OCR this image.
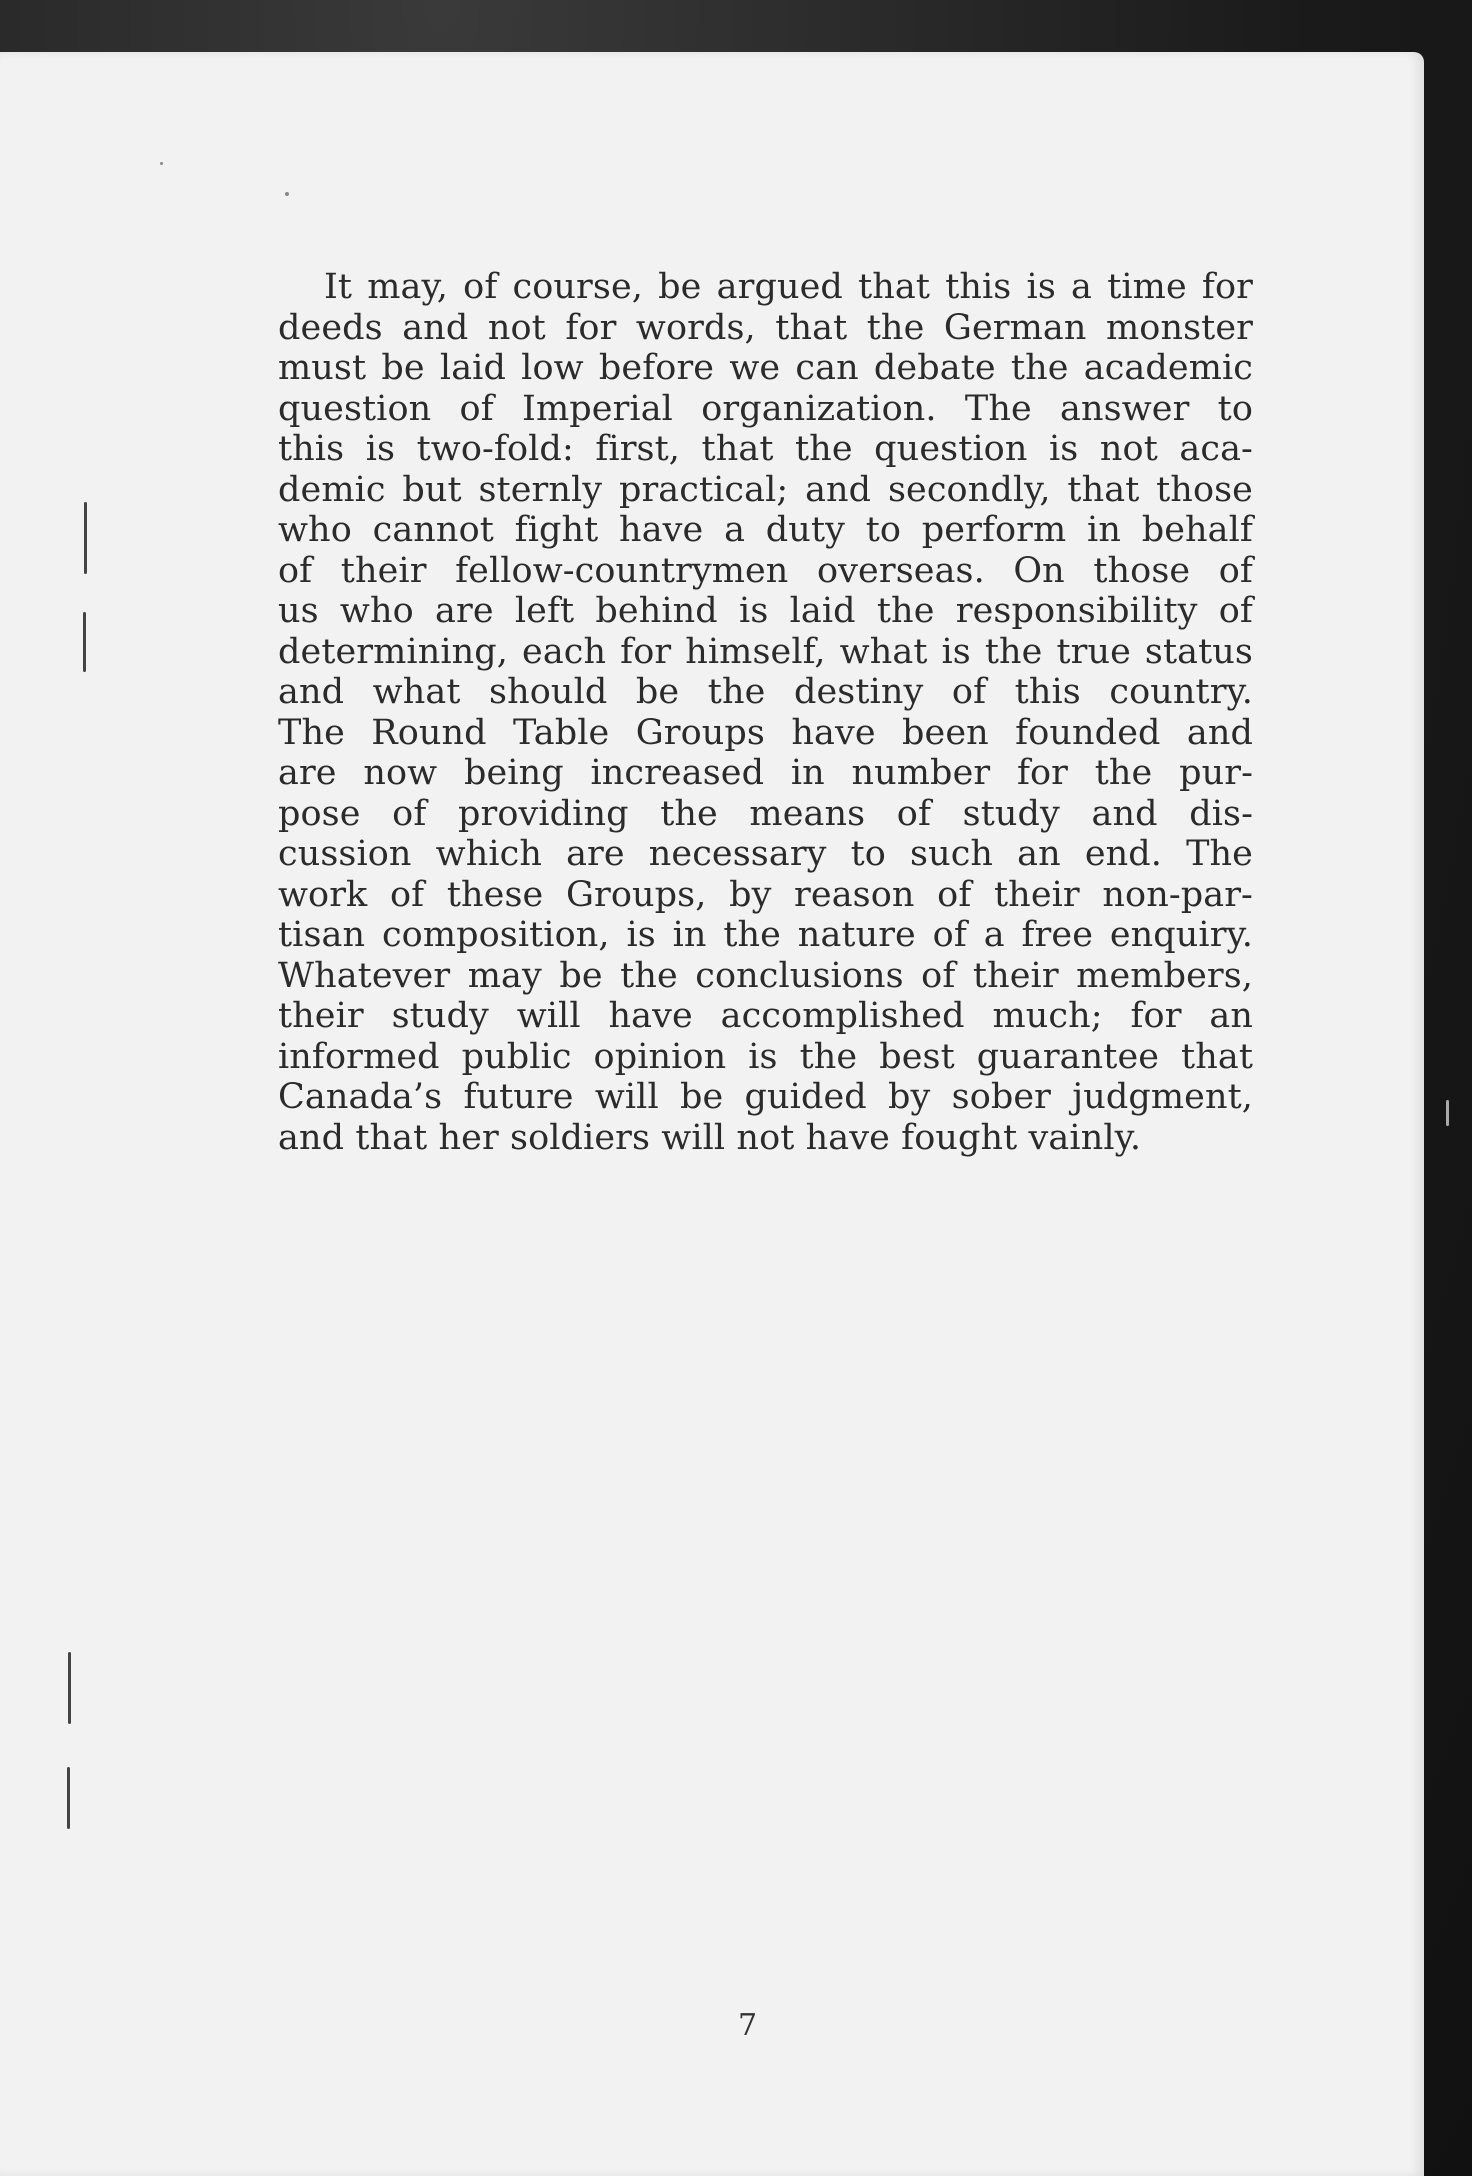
It may, of course, be argued that this is a time for
deeds and not for words, that the German monster
must be laid low before we can debate the academic
question of Imperial organization. The answer to
this is two-fold: first, that the question is not aca-
demic but sternly practical; and secondly, that those
who cannot fight have a duty to perform in behalf
of their fellow-countrymen overseas. On those of
us who are left behind is laid the responsibility of
determining, each for himself, what is the true status
and what should be the destiny of this country.
The Round Table Groups have been founded and
are now being increased in number for the pur-
pose of providing the means of study and dis-
cussion which are necessary to such an end. The
work of these Groups, by reason of their non-par-
tisan composition, is in the nature of a free enquiry.
Whatever may be the conclusions of their members,
their study will have accomplished much; for an
informed public opinion is the best guarantee that
Canada’s future will be guided by sober judgment,
and that her soldiers will not have fought vainly.
7
